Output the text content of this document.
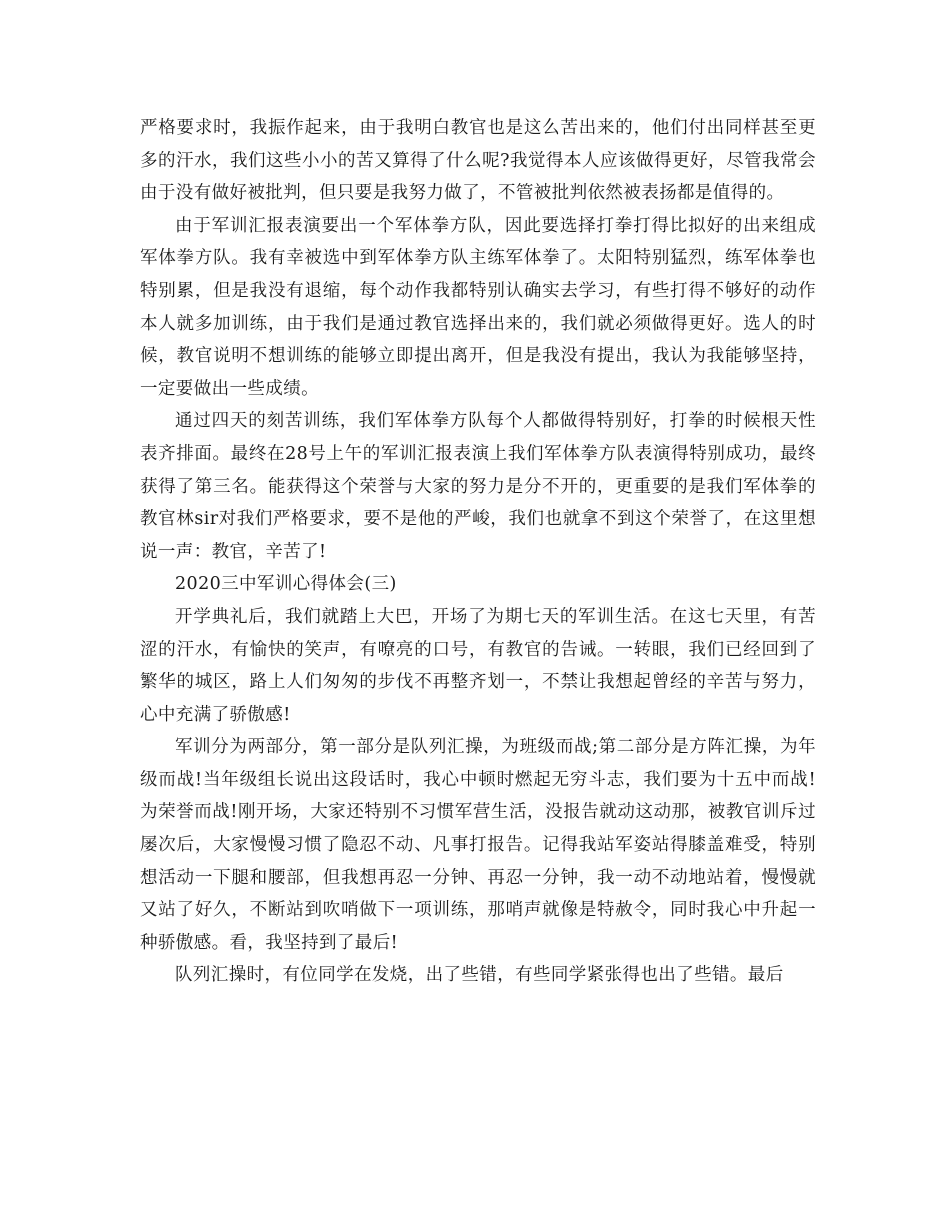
严格要求时，我振作起来，由于我明白教官也是这么苦出来的，他们付出同样甚至更多的汗水，我们这些小小的苦又算得了什么呢?我觉得本人应该做得更好，尽管我常会由于没有做好被批判，但只要是我努力做了，不管被批判依然被表扬都是值得的。

由于军训汇报表演要出一个军体拳方队，因此要选择打拳打得比拟好的出来组成军体拳方队。我有幸被选中到军体拳方队主练军体拳了。太阳特别猛烈，练军体拳也特别累，但是我没有退缩，每个动作我都特别认确实去学习，有些打得不够好的动作本人就多加训练，由于我们是通过教官选择出来的，我们就必须做得更好。选人的时候，教官说明不想训练的能够立即提出离开，但是我没有提出，我认为我能够坚持，一定要做出一些成绩。

通过四天的刻苦训练，我们军体拳方队每个人都做得特别好，打拳的时候根天性表齐排面。最终在28号上午的军训汇报表演上我们军体拳方队表演得特别成功，最终获得了第三名。能获得这个荣誉与大家的努力是分不开的，更重要的是我们军体拳的教官林sir对我们严格要求，要不是他的严峻，我们也就拿不到这个荣誉了，在这里想说一声：教官，辛苦了!

2020三中军训心得体会(三)

开学典礼后，我们就踏上大巴，开场了为期七天的军训生活。在这七天里，有苦涩的汗水，有愉快的笑声，有嘹亮的口号，有教官的告诫。一转眼，我们已经回到了繁华的城区，路上人们匆匆的步伐不再整齐划一，不禁让我想起曾经的辛苦与努力，心中充满了骄傲感!

军训分为两部分，第一部分是队列汇操，为班级而战;第二部分是方阵汇操，为年级而战!当年级组长说出这段话时，我心中顿时燃起无穷斗志，我们要为十五中而战!为荣誉而战!刚开场，大家还特别不习惯军营生活，没报告就动这动那，被教官训斥过屡次后，大家慢慢习惯了隐忍不动、凡事打报告。记得我站军姿站得膝盖难受，特别想活动一下腿和腰部，但我想再忍一分钟、再忍一分钟，我一动不动地站着，慢慢就又站了好久，不断站到吹哨做下一项训练，那哨声就像是特赦令，同时我心中升起一种骄傲感。看，我坚持到了最后!

队列汇操时，有位同学在发烧，出了些错，有些同学紧张得也出了些错。最后
